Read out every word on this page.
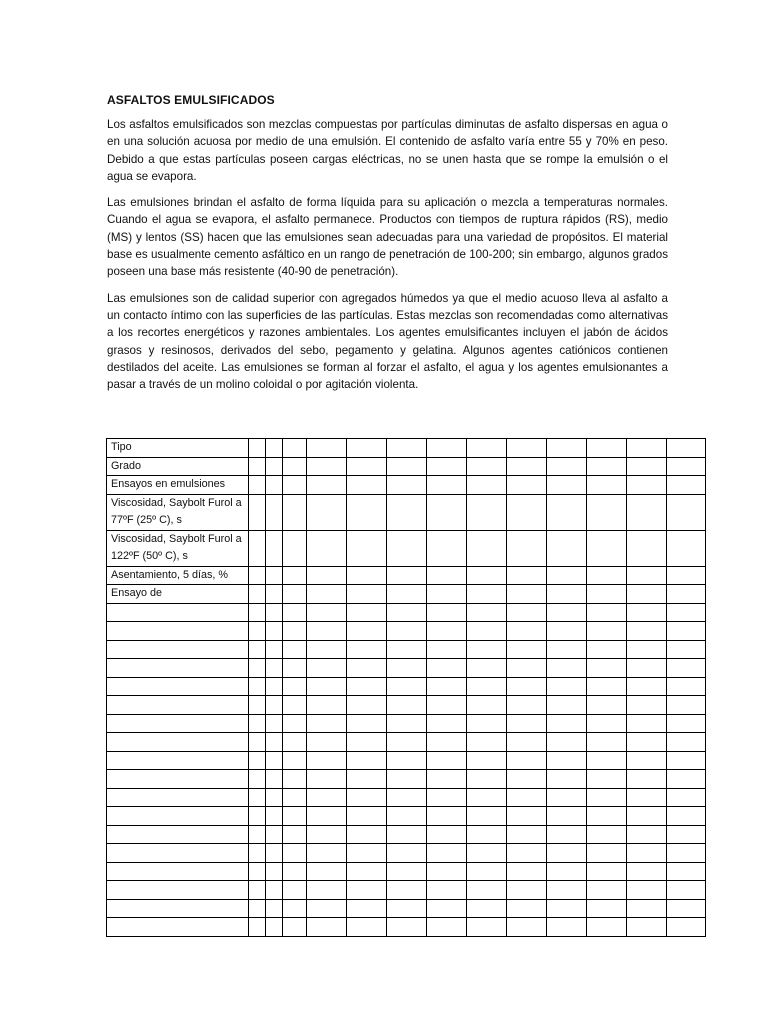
ASFALTOS EMULSIFICADOS

Los asfaltos emulsificados son mezclas compuestas por partículas diminutas de asfalto dispersas en agua o en una solución acuosa por medio de una emulsión. El contenido de asfalto varía entre 55 y 70% en peso. Debido a que estas partículas poseen cargas eléctricas, no se unen hasta que se rompe la emulsión o el agua se evapora.

Las emulsiones brindan el asfalto de forma líquida para su aplicación o mezcla a temperaturas normales. Cuando el agua se evapora, el asfalto permanece. Productos con tiempos de ruptura rápidos (RS), medio (MS) y lentos (SS) hacen que las emulsiones sean adecuadas para una variedad de propósitos. El material base es usualmente cemento asfáltico en un rango de penetración de 100-200; sin embargo, algunos grados poseen una base más resistente (40-90 de penetración).

Las emulsiones son de calidad superior con agregados húmedos ya que el medio acuoso lleva al asfalto a un contacto íntimo con las superficies de las partículas. Estas mezclas son recomendadas como alternativas a los recortes energéticos y razones ambientales. Los agentes emulsificantes incluyen el jabón de ácidos grasos y resinosos, derivados del sebo, pegamento y gelatina. Algunos agentes catiónicos contienen destilados del aceite. Las emulsiones se forman al forzar el asfalto, el agua y los agentes emulsionantes a pasar a través de un molino coloidal o por agitación violenta.

Tipo													
Grado													
Ensayos en emulsiones													
Viscosidad, Saybolt Furol a 77ºF (25º C), s													
Viscosidad, Saybolt Furol a 122ºF (50º C), s													
Asentamiento, 5 días, %													
Ensayo de													
